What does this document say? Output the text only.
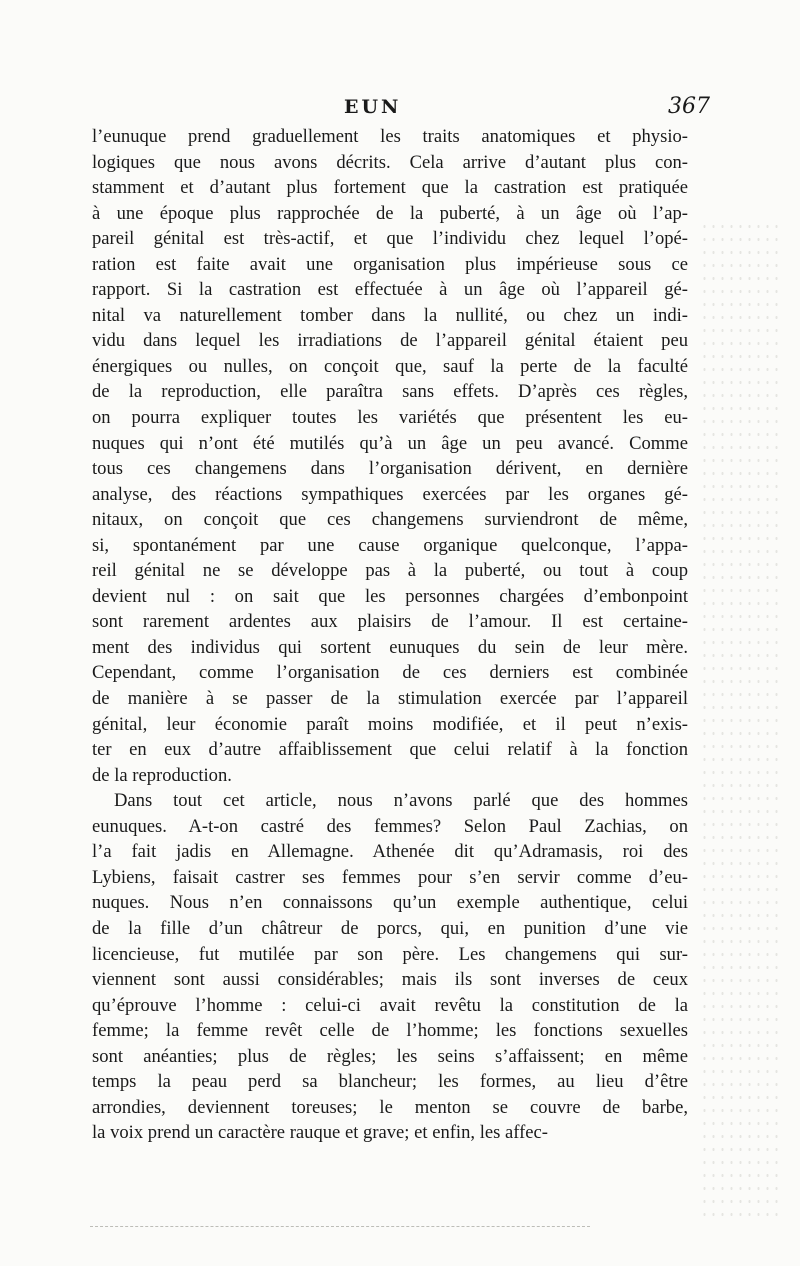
EUN	367
l’eunuque prend graduellement les traits anatomiques et physio-
logiques que nous avons décrits. Cela arrive d’autant plus con-
stamment et d’autant plus fortement que la castration est pratiquée
à une époque plus rapprochée de la puberté, à un âge où l’ap-
pareil génital est très-actif, et que l’individu chez lequel l’opé-
ration est faite avait une organisation plus impérieuse sous ce
rapport. Si la castration est effectuée à un âge où l’appareil gé-
nital va naturellement tomber dans la nullité, ou chez un indi-
vidu dans lequel les irradiations de l’appareil génital étaient peu
énergiques ou nulles, on conçoit que, sauf la perte de la faculté
de la reproduction, elle paraîtra sans effets. D’après ces règles,
on pourra expliquer toutes les variétés que présentent les eu-
nuques qui n’ont été mutilés qu’à un âge un peu avancé. Comme
tous ces changemens dans l’organisation dérivent, en dernière
analyse, des réactions sympathiques exercées par les organes gé-
nitaux, on conçoit que ces changemens surviendront de même,
si, spontanément par une cause organique quelconque, l’appa-
reil génital ne se développe pas à la puberté, ou tout à coup
devient nul : on sait que les personnes chargées d’embonpoint
sont rarement ardentes aux plaisirs de l’amour. Il est certaine-
ment des individus qui sortent eunuques du sein de leur mère.
Cependant, comme l’organisation de ces derniers est combinée
de manière à se passer de la stimulation exercée par l’appareil
génital, leur économie paraît moins modifiée, et il peut n’exis-
ter en eux d’autre affaiblissement que celui relatif à la fonction
de la reproduction.
Dans tout cet article, nous n’avons parlé que des hommes
eunuques. A-t-on castré des femmes? Selon Paul Zachias, on
l’a fait jadis en Allemagne. Athenée dit qu’Adramasis, roi des
Lybiens, faisait castrer ses femmes pour s’en servir comme d’eu-
nuques. Nous n’en connaissons qu’un exemple authentique, celui
de la fille d’un châtreur de porcs, qui, en punition d’une vie
licencieuse, fut mutilée par son père. Les changemens qui sur-
viennent sont aussi considérables; mais ils sont inverses de ceux
qu’éprouve l’homme : celui-ci avait revêtu la constitution de la
femme; la femme revêt celle de l’homme; les fonctions sexuelles
sont anéanties; plus de règles; les seins s’affaissent; en même
temps la peau perd sa blancheur; les formes, au lieu d’être
arrondies, deviennent toreuses; le menton se couvre de barbe,
la voix prend un caractère rauque et grave; et enfin, les affec-
